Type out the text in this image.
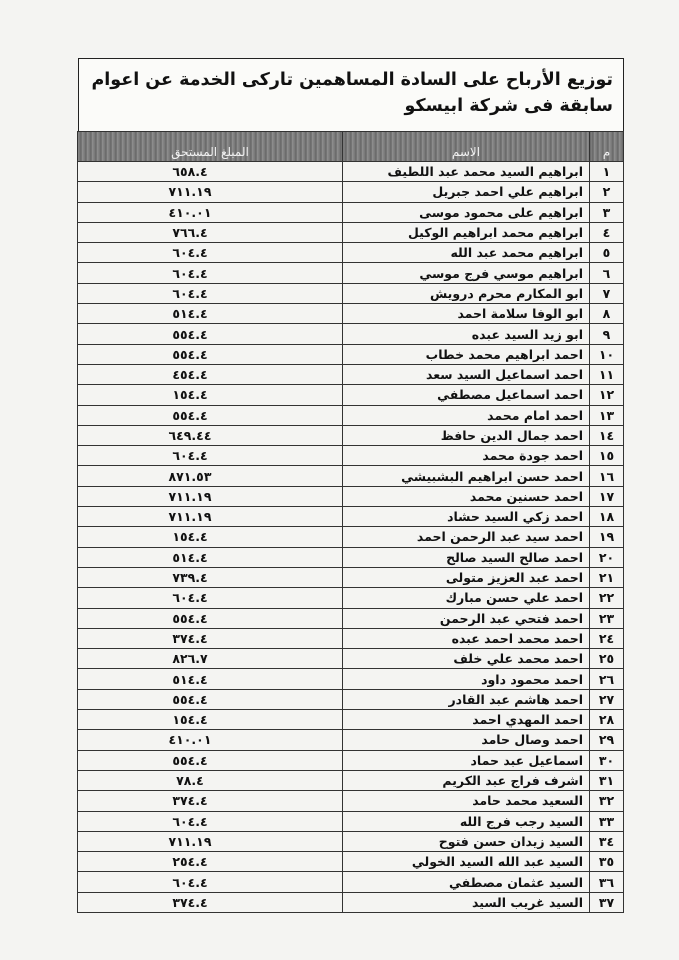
توزيع الأرباح على السادة المساهمين تاركى الخدمة عن اعوام سابقة فى شركة ابيسكو

م	الاسم	المبلغ المستحق
١	ابراهيم السيد محمد عبد اللطيف	٦٥٨.٤
٢	ابراهيم علي احمد جبريل	٧١١.١٩
٣	ابراهيم على محمود موسى	٤١٠.٠١
٤	ابراهيم محمد ابراهيم الوكيل	٧٦٦.٤
٥	ابراهيم محمد عبد الله	٦٠٤.٤
٦	ابراهيم موسي فرج موسي	٦٠٤.٤
٧	ابو المكارم محرم درويش	٦٠٤.٤
٨	ابو الوفا سلامة احمد	٥١٤.٤
٩	ابو زيد السيد عبده	٥٥٤.٤
١٠	احمد ابراهيم محمد خطاب	٥٥٤.٤
١١	احمد اسماعيل السيد سعد	٤٥٤.٤
١٢	احمد اسماعيل مصطفي	١٥٤.٤
١٣	احمد امام محمد	٥٥٤.٤
١٤	احمد جمال الدين حافظ	٦٤٩.٤٤
١٥	احمد جودة محمد	٦٠٤.٤
١٦	احمد حسن ابراهيم البشبيشي	٨٧١.٥٣
١٧	احمد حسنين محمد	٧١١.١٩
١٨	احمد زكي السيد حشاد	٧١١.١٩
١٩	احمد سيد عبد الرحمن احمد	١٥٤.٤
٢٠	احمد صالح السيد صالح	٥١٤.٤
٢١	احمد عبد العزيز متولى	٧٣٩.٤
٢٢	احمد علي حسن مبارك	٦٠٤.٤
٢٣	احمد فتحي عبد الرحمن	٥٥٤.٤
٢٤	احمد محمد احمد عبده	٣٧٤.٤
٢٥	احمد محمد علي خلف	٨٢٦.٧
٢٦	احمد محمود داود	٥١٤.٤
٢٧	احمد هاشم عبد القادر	٥٥٤.٤
٢٨	احمد المهدي احمد	١٥٤.٤
٢٩	احمد وصال حامد	٤١٠.٠١
٣٠	اسماعيل عبد حماد	٥٥٤.٤
٣١	اشرف فراج عبد الكريم	٧٨.٤
٣٢	السعيد محمد حامد	٣٧٤.٤
٣٣	السيد رجب فرج الله	٦٠٤.٤
٣٤	السيد زيدان حسن فتوح	٧١١.١٩
٣٥	السيد عبد الله السيد الخولي	٢٥٤.٤
٣٦	السيد عثمان مصطفي	٦٠٤.٤
٣٧	السيد غريب السيد	٣٧٤.٤
